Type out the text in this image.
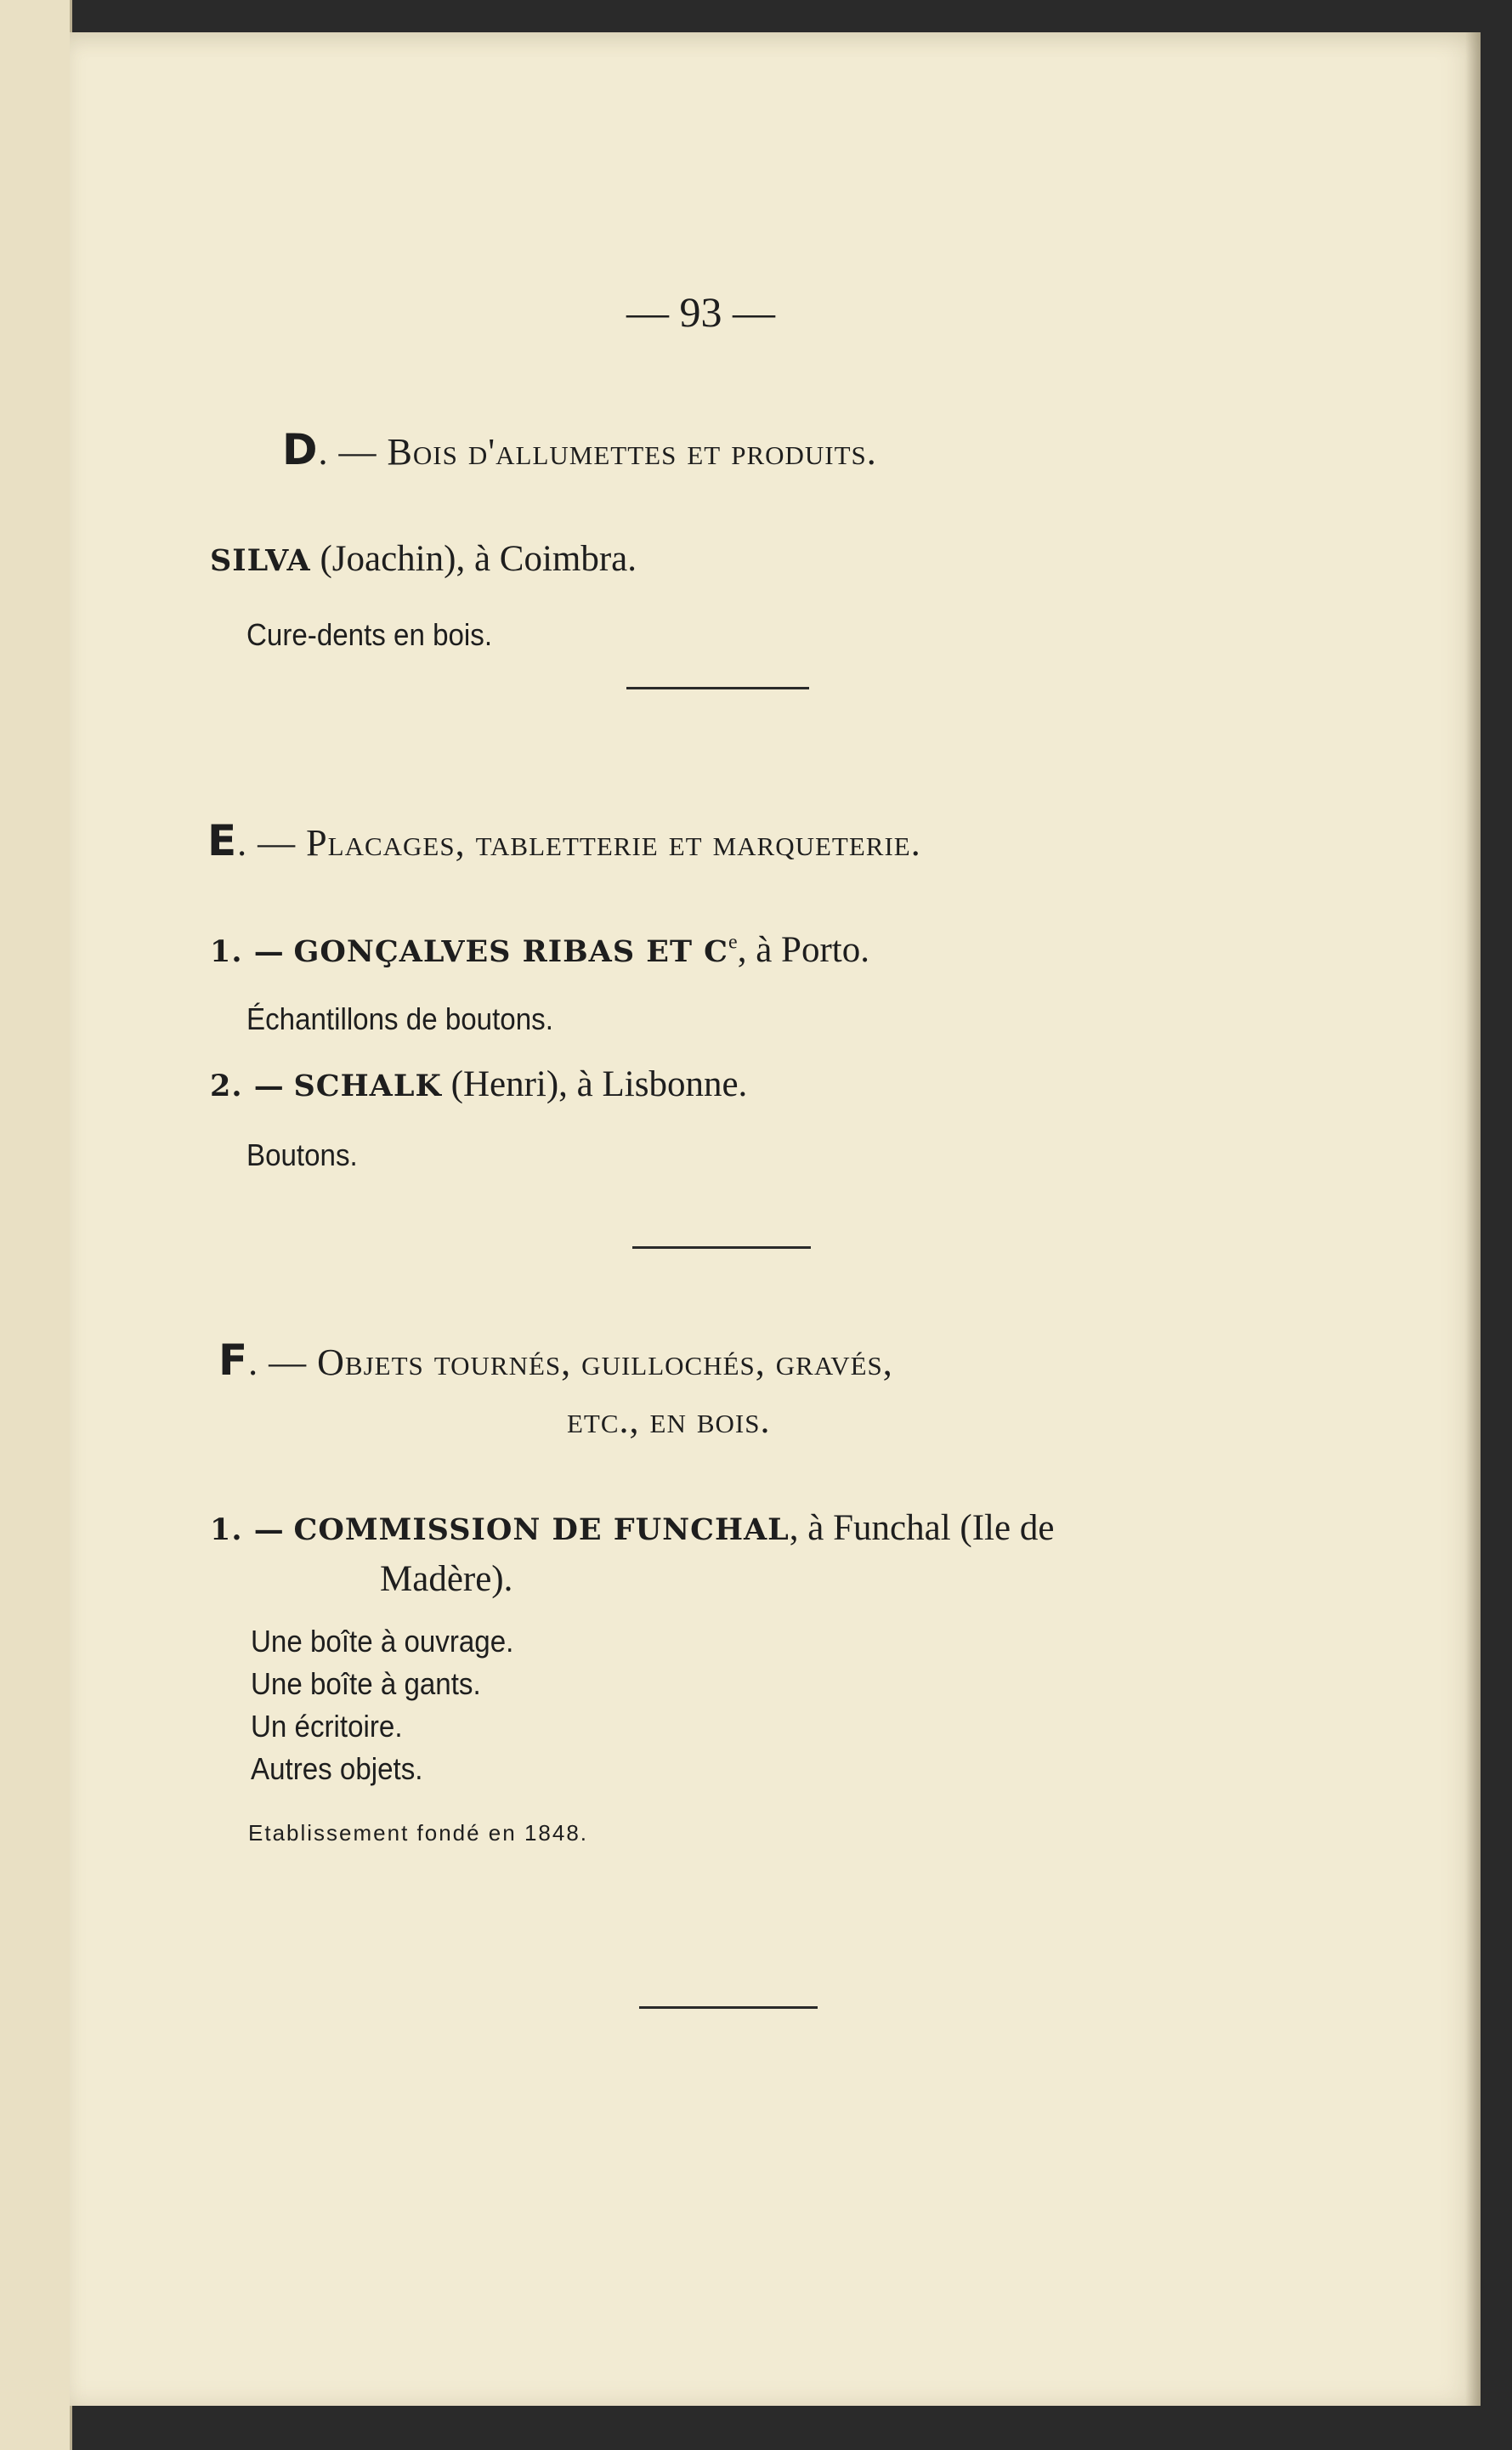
— 93 —
D. — Bois d'allumettes et produits.
SILVA (Joachin), à Coimbra.
Cure-dents en bois.
E. — Placages, tabletterie et marqueterie.
1. — GONÇALVES RIBAS ET Ce, à Porto.
Échantillons de boutons.
2. — SCHALK (Henri), à Lisbonne.
Boutons.
F. — Objets tournés, guillochés, gravés,
etc., en bois.
1. — COMMISSION DE FUNCHAL, à Funchal (Ile de
Madère).
Une boîte à ouvrage.
Une boîte à gants.
Un écritoire.
Autres objets.
Etablissement fondé en 1848.
